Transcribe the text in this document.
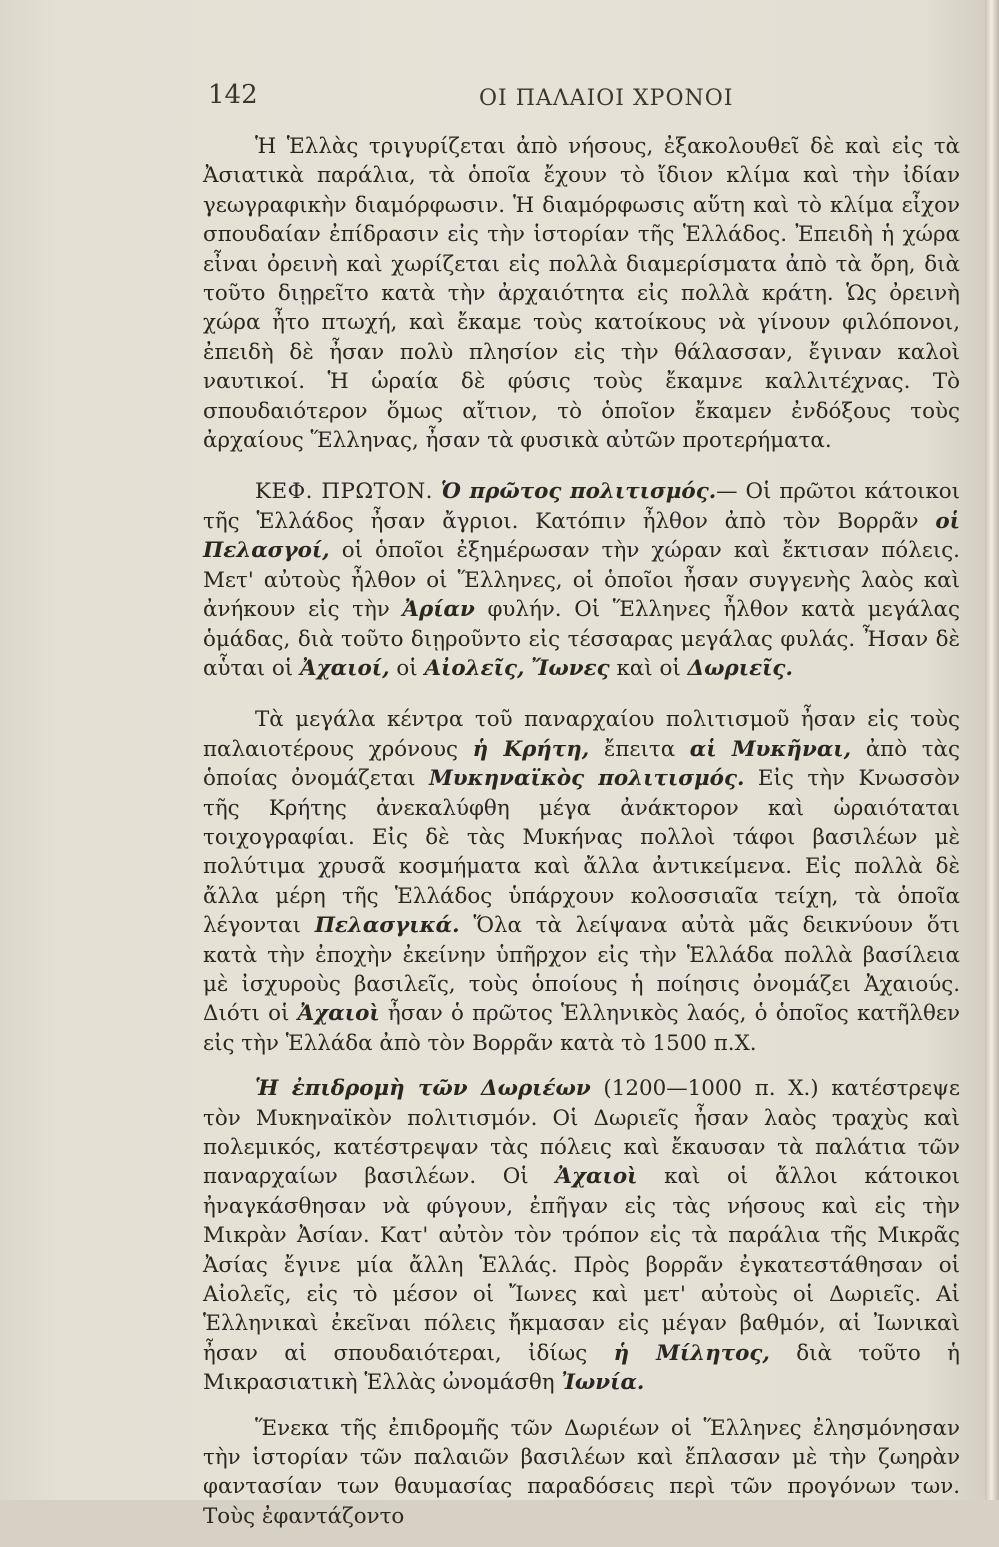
142	ΟΙ ΠΑΛΑΙΟΙ ΧΡΟΝΟΙ

Ἡ Ἑλλὰς τριγυρίζεται ἀπὸ νήσους, ἐξακολουθεῖ δὲ καὶ εἰς τὰ Ἀσιατικὰ παράλια, τὰ ὁποῖα ἔχουν τὸ ἴδιον κλίμα καὶ τὴν ἰδίαν γεωγραφικὴν διαμόρφωσιν. Ἡ διαμόρφωσις αὕτη καὶ τὸ κλίμα εἶχον σπουδαίαν ἐπίδρασιν εἰς τὴν ἱστορίαν τῆς Ἑλλάδος. Ἐπειδὴ ἡ χώρα εἶναι ὀρεινὴ καὶ χωρίζεται εἰς πολλὰ διαμερίσματα ἀπὸ τὰ ὄρη, διὰ τοῦτο διῃρεῖτο κατὰ τὴν ἀρχαιότητα εἰς πολλὰ κράτη. Ὡς ὀρεινὴ χώρα ἦτο πτωχή, καὶ ἔκαμε τοὺς κατοίκους νὰ γίνουν φιλόπονοι, ἐπειδὴ δὲ ἦσαν πολὺ πλησίον εἰς τὴν θάλασσαν, ἔγιναν καλοὶ ναυτικοί. Ἡ ὡραία δὲ φύσις τοὺς ἔκαμνε καλλιτέχνας. Τὸ σπουδαιότερον ὅμως αἴτιον, τὸ ὁποῖον ἔκαμεν ἐνδόξους τοὺς ἀρχαίους Ἕλληνας, ἦσαν τὰ φυσικὰ αὐτῶν προτερήματα.

ΚΕΦ. ΠΡΩΤΟΝ. Ὁ πρῶτος πολιτισμός.— Οἱ πρῶτοι κάτοικοι τῆς Ἑλλάδος ἦσαν ἄγριοι. Κατόπιν ἦλθον ἀπὸ τὸν Βορρᾶν οἱ Πελασγοί, οἱ ὁποῖοι ἐξημέρωσαν τὴν χώραν καὶ ἔκτισαν πόλεις. Μετ' αὐτοὺς ἦλθον οἱ Ἕλληνες, οἱ ὁποῖοι ἦσαν συγγενὴς λαὸς καὶ ἀνήκουν εἰς τὴν Ἀρίαν φυλήν. Οἱ Ἕλληνες ἦλθον κατὰ μεγάλας ὁμάδας, διὰ τοῦτο διῃροῦντο εἰς τέσσαρας μεγάλας φυλάς. Ἦσαν δὲ αὗται οἱ Ἀχαιοί, οἱ Αἰολεῖς, Ἴωνες καὶ οἱ Δωριεῖς.

Τὰ μεγάλα κέντρα τοῦ παναρχαίου πολιτισμοῦ ἦσαν εἰς τοὺς παλαιοτέρους χρόνους ἡ Κρήτη, ἔπειτα αἱ Μυκῆναι, ἀπὸ τὰς ὁποίας ὀνομάζεται Μυκηναϊκὸς πολιτισμός. Εἰς τὴν Κνωσσὸν τῆς Κρήτης ἀνεκαλύφθη μέγα ἀνάκτορον καὶ ὡραιόταται τοιχογραφίαι. Εἰς δὲ τὰς Μυκήνας πολλοὶ τάφοι βασιλέων μὲ πολύτιμα χρυσᾶ κοσμήματα καὶ ἄλλα ἀντικείμενα. Εἰς πολλὰ δὲ ἄλλα μέρη τῆς Ἑλλάδος ὑπάρχουν κολοσσιαῖα τείχη, τὰ ὁποῖα λέγονται Πελασγικά. Ὅλα τὰ λείψανα αὐτὰ μᾶς δεικνύουν ὅτι κατὰ τὴν ἐποχὴν ἐκείνην ὑπῆρχον εἰς τὴν Ἑλλάδα πολλὰ βασίλεια μὲ ἰσχυροὺς βασιλεῖς, τοὺς ὁποίους ἡ ποίησις ὀνομάζει Ἀχαιούς. Διότι οἱ Ἀχαιοὶ ἦσαν ὁ πρῶτος Ἑλληνικὸς λαός, ὁ ὁποῖος κατῆλθεν εἰς τὴν Ἑλλάδα ἀπὸ τὸν Βορρᾶν κατὰ τὸ 1500 π.Χ.

Ἡ ἐπιδρομὴ τῶν Δωριέων (1200—1000 π. Χ.) κατέστρεψε τὸν Μυκηναϊκὸν πολιτισμόν. Οἱ Δωριεῖς ἦσαν λαὸς τραχὺς καὶ πολεμικός, κατέστρεψαν τὰς πόλεις καὶ ἔκαυσαν τὰ παλάτια τῶν παναρχαίων βασιλέων. Οἱ Ἀχαιοὶ καὶ οἱ ἄλλοι κάτοικοι ἠναγκάσθησαν νὰ φύγουν, ἐπῆγαν εἰς τὰς νήσους καὶ εἰς τὴν Μικρὰν Ἀσίαν. Κατ' αὐτὸν τὸν τρόπον εἰς τὰ παράλια τῆς Μικρᾶς Ἀσίας ἔγινε μία ἄλλη Ἑλλάς. Πρὸς βορρᾶν ἐγκατεστάθησαν οἱ Αἰολεῖς, εἰς τὸ μέσον οἱ Ἴωνες καὶ μετ' αὐτοὺς οἱ Δωριεῖς. Αἱ Ἑλληνικαὶ ἐκεῖναι πόλεις ἤκμασαν εἰς μέγαν βαθμόν, αἱ Ἰωνικαὶ ἦσαν αἱ σπουδαιότεραι, ἰδίως ἡ Μίλητος, διὰ τοῦτο ἡ Μικρασιατικὴ Ἑλλὰς ὠνομάσθη Ἰωνία.

Ἕνεκα τῆς ἐπιδρομῆς τῶν Δωριέων οἱ Ἕλληνες ἐλησμόνησαν τὴν ἱστορίαν τῶν παλαιῶν βασιλέων καὶ ἔπλασαν μὲ τὴν ζωηρὰν φαντασίαν των θαυμασίας παραδόσεις περὶ τῶν προγόνων των. Τοὺς ἐφαντάζοντο
